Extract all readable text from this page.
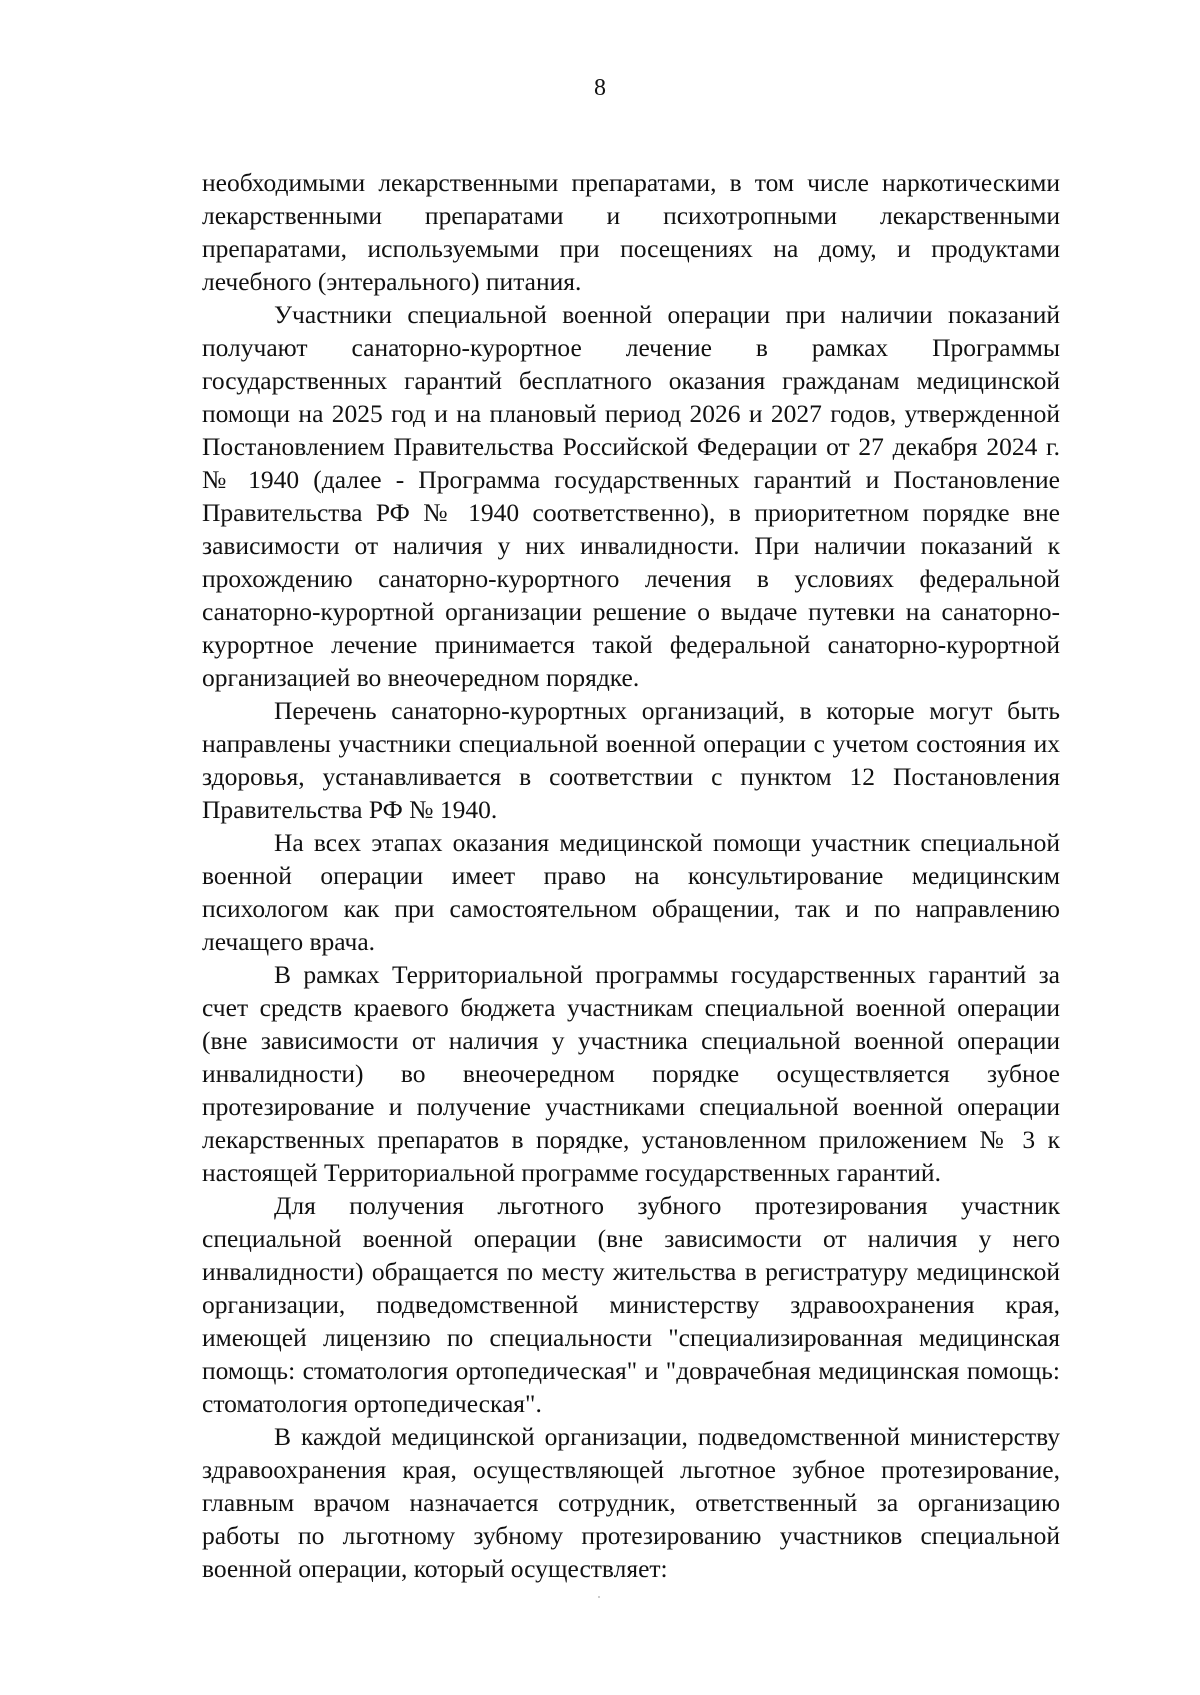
8

необходимыми лекарственными препаратами, в том числе наркотическими лекарственными препаратами и психотропными лекарственными препаратами, используемыми при посещениях на дому, и продуктами лечебного (энтерального) питания.

Участники специальной военной операции при наличии показаний получают санаторно-курортное лечение в рамках Программы государственных гарантий бесплатного оказания гражданам медицинской помощи на 2025 год и на плановый период 2026 и 2027 годов, утвержденной Постановлением Правительства Российской Федерации от 27 декабря 2024 г. № 1940 (далее - Программа государственных гарантий и Постановление Правительства РФ № 1940 соответственно), в приоритетном порядке вне зависимости от наличия у них инвалидности. При наличии показаний к прохождению санаторно-курортного лечения в условиях федеральной санаторно-курортной организации решение о выдаче путевки на санаторно-курортное лечение принимается такой федеральной санаторно-курортной организацией во внеочередном порядке.

Перечень санаторно-курортных организаций, в которые могут быть направлены участники специальной военной операции с учетом состояния их здоровья, устанавливается в соответствии с пунктом 12 Постановления Правительства РФ № 1940.

На всех этапах оказания медицинской помощи участник специальной военной операции имеет право на консультирование медицинским психологом как при самостоятельном обращении, так и по направлению лечащего врача.

В рамках Территориальной программы государственных гарантий за счет средств краевого бюджета участникам специальной военной операции (вне зависимости от наличия у участника специальной военной операции инвалидности) во внеочередном порядке осуществляется зубное протезирование и получение участниками специальной военной операции лекарственных препаратов в порядке, установленном приложением № 3 к настоящей Территориальной программе государственных гарантий.

Для получения льготного зубного протезирования участник специальной военной операции (вне зависимости от наличия у него инвалидности) обращается по месту жительства в регистратуру медицинской организации, подведомственной министерству здравоохранения края, имеющей лицензию по специальности "специализированная медицинская помощь: стоматология ортопедическая" и "доврачебная медицинская помощь: стоматология ортопедическая".

В каждой медицинской организации, подведомственной министерству здравоохранения края, осуществляющей льготное зубное протезирование, главным врачом назначается сотрудник, ответственный за организацию работы по льготному зубному протезированию участников специальной военной операции, который осуществляет:
